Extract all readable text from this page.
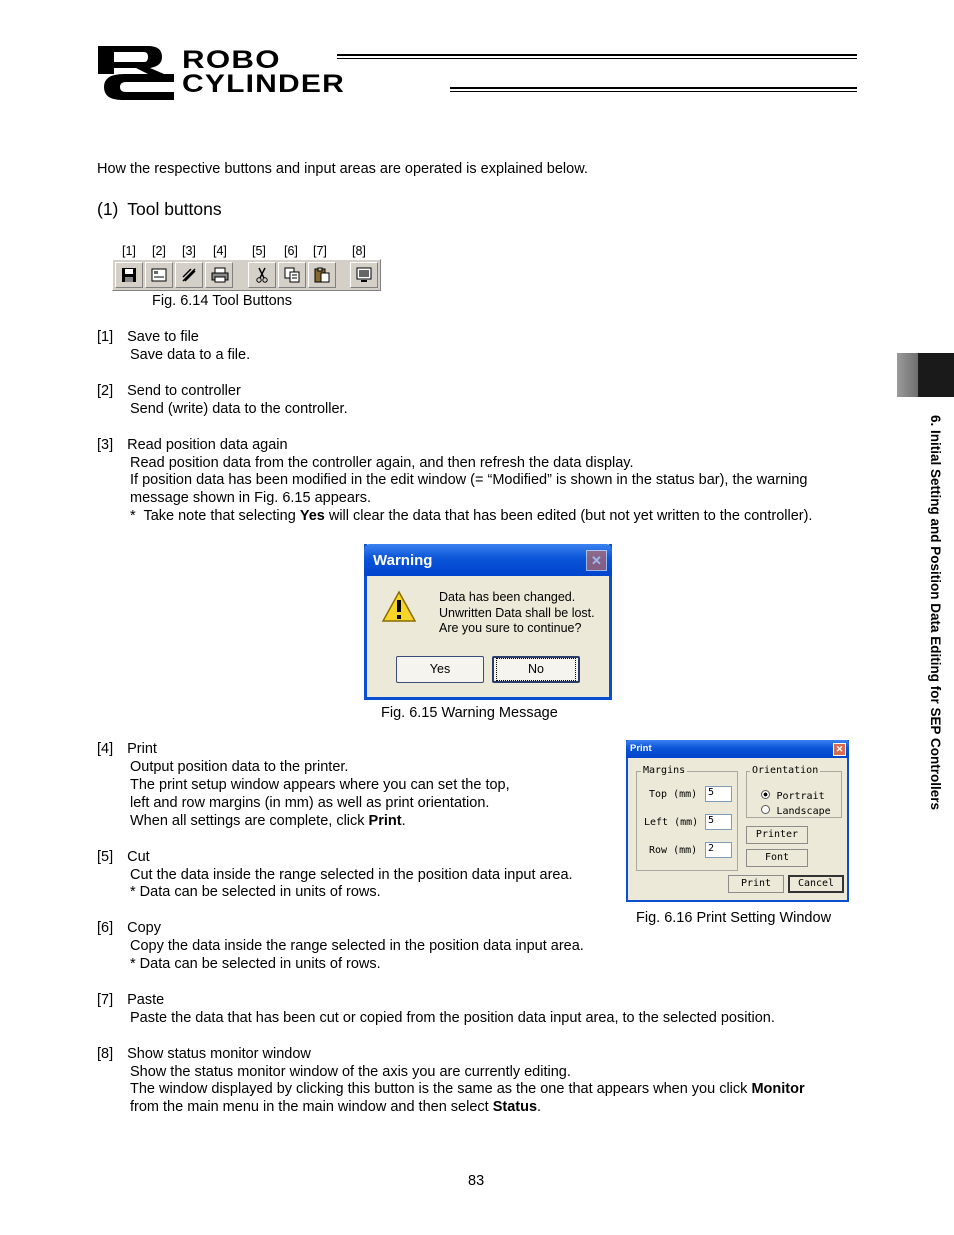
ROBO
CYLINDER
6. Initial Setting and Position Data Editing for SEP Controllers
How the respective buttons and input areas are operated is explained below.
(1) Tool buttons
[1] [2] [3] [4] [5] [6] [7] [8]
Fig. 6.14 Tool Buttons
[1] Save to file
Save data to a file.
[2] Send to controller
Send (write) data to the controller.
[3] Read position data again
Read position data from the controller again, and then refresh the data display.
If position data has been modified in the edit window (= “Modified” is shown in the status bar), the warning
message shown in Fig. 6.15 appears.
*  Take note that selecting Yes will clear the data that has been edited (but not yet written to the controller).
Warning	✕
Data has been changed.
Unwritten Data shall be lost.
Are you sure to continue?
Yes	No
Fig. 6.15 Warning Message
[4] Print
Output position data to the printer.
The print setup window appears where you can set the top,
left and row margins (in mm) as well as print orientation.
When all settings are complete, click Print.
[5] Cut
Cut the data inside the range selected in the position data input area.
* Data can be selected in units of rows.
Print	✕
Margins
Top (mm)	5
Left (mm) 5
Row (mm)	2
Orientation
Portrait
Landscape
Printer
Font
Print	Cancel
Fig. 6.16 Print Setting Window
[6] Copy
Copy the data inside the range selected in the position data input area.
* Data can be selected in units of rows.
[7] Paste
Paste the data that has been cut or copied from the position data input area, to the selected position.
[8] Show status monitor window
Show the status monitor window of the axis you are currently editing.
The window displayed by clicking this button is the same as the one that appears when you click Monitor
from the main menu in the main window and then select Status.
83
